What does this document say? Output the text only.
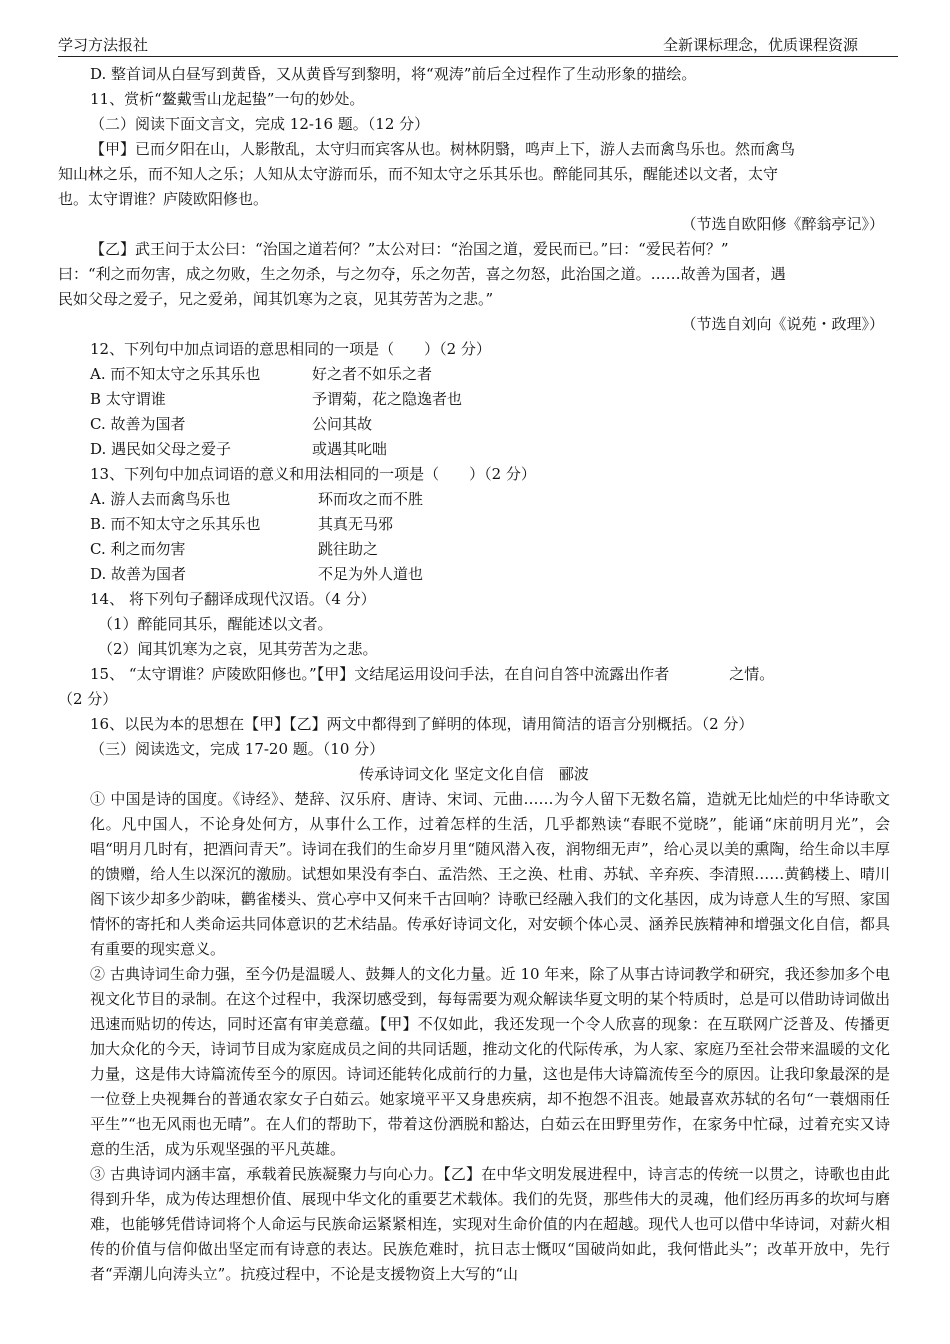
学习方法报社	全新课标理念，优质课程资源

D. 整首词从白昼写到黄昏，又从黄昏写到黎明，将“观涛”前后全过程作了生动形象的描绘。

11、赏析“鳌戴雪山龙起蛰”一句的妙处。

（二）阅读下面文言文，完成 12-16 题。（12 分）

【甲】已而夕阳在山，人影散乱，太守归而宾客从也。树林阴翳，鸣声上下，游人去而禽鸟乐也。然而禽鸟

知山林之乐，而不知人之乐；人知从太守游而乐，而不知太守之乐其乐也。醉能同其乐，醒能述以文者，太守

也。太守谓谁？庐陵欧阳修也。

（节选自欧阳修《醉翁亭记》）

【乙】武王问于太公曰：“治国之道若何？”太公对曰：“治国之道，爱民而已。”曰：“爱民若何？”

曰：“利之而勿害，成之勿败，生之勿杀，与之勿夺，乐之勿苦，喜之勿怒，此治国之道。……故善为国者，遇

民如父母之爱子，兄之爱弟，闻其饥寒为之哀，见其劳苦为之悲。”

（节选自刘向《说苑・政理》）

12、下列句中加点词语的意思相同的一项是（　　）（2 分）

A. 而不知太守之乐其乐也	好之者不如乐之者
B 太守谓谁	予谓菊，花之隐逸者也
C. 故善为国者	公问其故
D. 遇民如父母之爱子	或遇其叱咄

13、下列句中加点词语的意义和用法相同的一项是（　　）（2 分）

A. 游人去而禽鸟乐也	环而攻之而不胜
B. 而不知太守之乐其乐也	其真无马邪
C. 利之而勿害	跳往助之
D. 故善为国者	不足为外人道也

14、 将下列句子翻译成现代汉语。（4 分）

（1）醉能同其乐，醒能述以文者。

（2）闻其饥寒为之哀，见其劳苦为之悲。

15、 “太守谓谁？庐陵欧阳修也。”【甲】文结尾运用设问手法，在自问自答中流露出作者	之情。

（2 分）

16、以民为本的思想在【甲】【乙】两文中都得到了鲜明的体现，请用简洁的语言分别概括。（2 分）

（三）阅读选文，完成 17-20 题。（10 分）

传承诗词文化 坚定文化自信　郦波

① 中国是诗的国度。《诗经》、楚辞、汉乐府、唐诗、宋词、元曲……为今人留下无数名篇，造就无比灿烂的中华诗歌文化。凡中国人，不论身处何方，从事什么工作，过着怎样的生活，几乎都熟读“春眠不觉晓”，能诵“床前明月光”，会唱“明月几时有，把酒问青天”。诗词在我们的生命岁月里“随风潜入夜，润物细无声”，给心灵以美的熏陶，给生命以丰厚的馈赠，给人生以深沉的激励。试想如果没有李白、孟浩然、王之涣、杜甫、苏轼、辛弃疾、李清照……黄鹤楼上、晴川阁下该少却多少韵味，鹳雀楼头、赏心亭中又何来千古回响？诗歌已经融入我们的文化基因，成为诗意人生的写照、家国情怀的寄托和人类命运共同体意识的艺术结晶。传承好诗词文化，对安顿个体心灵、涵养民族精神和增强文化自信，都具有重要的现实意义。

② 古典诗词生命力强，至今仍是温暖人、鼓舞人的文化力量。近 10 年来，除了从事古诗词教学和研究，我还参加多个电视文化节目的录制。在这个过程中，我深切感受到，每每需要为观众解读华夏文明的某个特质时，总是可以借助诗词做出迅速而贴切的传达，同时还富有审美意蕴。【甲】不仅如此，我还发现一个令人欣喜的现象：在互联网广泛普及、传播更加大众化的今天，诗词节目成为家庭成员之间的共同话题，推动文化的代际传承，为人家、家庭乃至社会带来温暖的文化力量，这是伟大诗篇流传至今的原因。诗词还能转化成前行的力量，这也是伟大诗篇流传至今的原因。让我印象最深的是一位登上央视舞台的普通农家女子白茹云。她家境平平又身患疾病，却不抱怨不沮丧。她最喜欢苏轼的名句“一蓑烟雨任平生”“也无风雨也无晴”。在人们的帮助下，带着这份洒脱和豁达，白茹云在田野里劳作，在家务中忙碌，过着充实又诗意的生活，成为乐观坚强的平凡英雄。

③ 古典诗词内涵丰富，承载着民族凝聚力与向心力。【乙】在中华文明发展进程中，诗言志的传统一以贯之，诗歌也由此得到升华，成为传达理想价值、展现中华文化的重要艺术载体。我们的先贤，那些伟大的灵魂，他们经历再多的坎坷与磨难，也能够凭借诗词将个人命运与民族命运紧紧相连，实现对生命价值的内在超越。现代人也可以借中华诗词，对薪火相传的价值与信仰做出坚定而有诗意的表达。民族危难时，抗日志士慨叹“国破尚如此，我何惜此头”；改革开放中，先行者“弄潮儿向涛头立”。抗疫过程中，不论是支援物资上大写的“山
